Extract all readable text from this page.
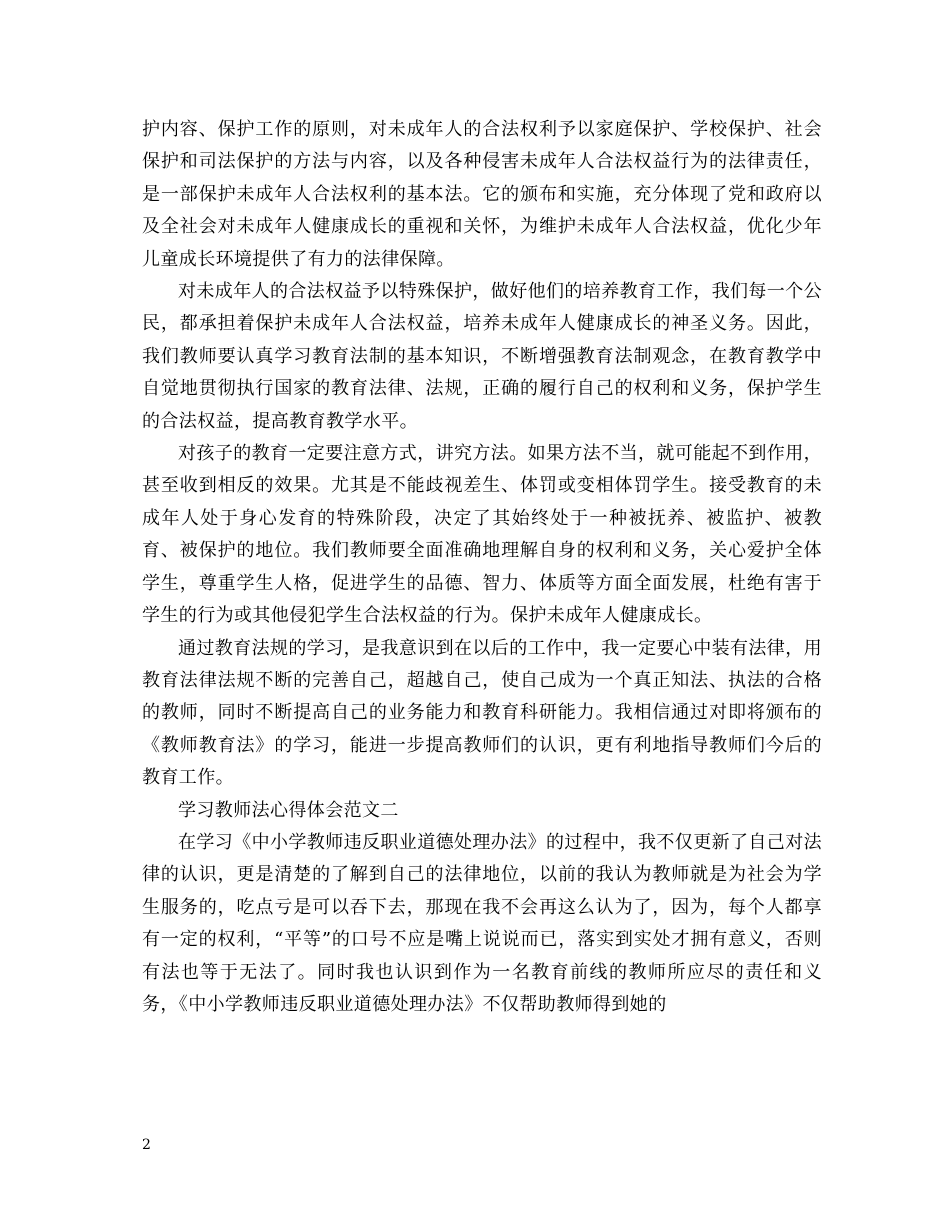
护内容、保护工作的原则，对未成年人的合法权利予以家庭保护、学校保护、社会保护和司法保护的方法与内容，以及各种侵害未成年人合法权益行为的法律责任，是一部保护未成年人合法权利的基本法。它的颁布和实施，充分体现了党和政府以及全社会对未成年人健康成长的重视和关怀，为维护未成年人合法权益，优化少年儿童成长环境提供了有力的法律保障。

对未成年人的合法权益予以特殊保护，做好他们的培养教育工作，我们每一个公民，都承担着保护未成年人合法权益，培养未成年人健康成长的神圣义务。因此，我们教师要认真学习教育法制的基本知识，不断增强教育法制观念，在教育教学中自觉地贯彻执行国家的教育法律、法规，正确的履行自己的权利和义务，保护学生的合法权益，提高教育教学水平。

对孩子的教育一定要注意方式，讲究方法。如果方法不当，就可能起不到作用，甚至收到相反的效果。尤其是不能歧视差生、体罚或变相体罚学生。接受教育的未成年人处于身心发育的特殊阶段，决定了其始终处于一种被抚养、被监护、被教育、被保护的地位。我们教师要全面准确地理解自身的权利和义务，关心爱护全体学生，尊重学生人格，促进学生的品德、智力、体质等方面全面发展，杜绝有害于学生的行为或其他侵犯学生合法权益的行为。保护未成年人健康成长。

通过教育法规的学习，是我意识到在以后的工作中，我一定要心中装有法律，用教育法律法规不断的完善自己，超越自己，使自己成为一个真正知法、执法的合格的教师，同时不断提高自己的业务能力和教育科研能力。我相信通过对即将颁布的《教师教育法》的学习，能进一步提高教师们的认识，更有利地指导教师们今后的教育工作。

学习教师法心得体会范文二

在学习《中小学教师违反职业道德处理办法》的过程中，我不仅更新了自己对法律的认识，更是清楚的了解到自己的法律地位，以前的我认为教师就是为社会为学生服务的，吃点亏是可以吞下去，那现在我不会再这么认为了，因为，每个人都享有一定的权利，“平等”的口号不应是嘴上说说而已，落实到实处才拥有意义，否则有法也等于无法了。同时我也认识到作为一名教育前线的教师所应尽的责任和义务，《中小学教师违反职业道德处理办法》不仅帮助教师得到她的

2
